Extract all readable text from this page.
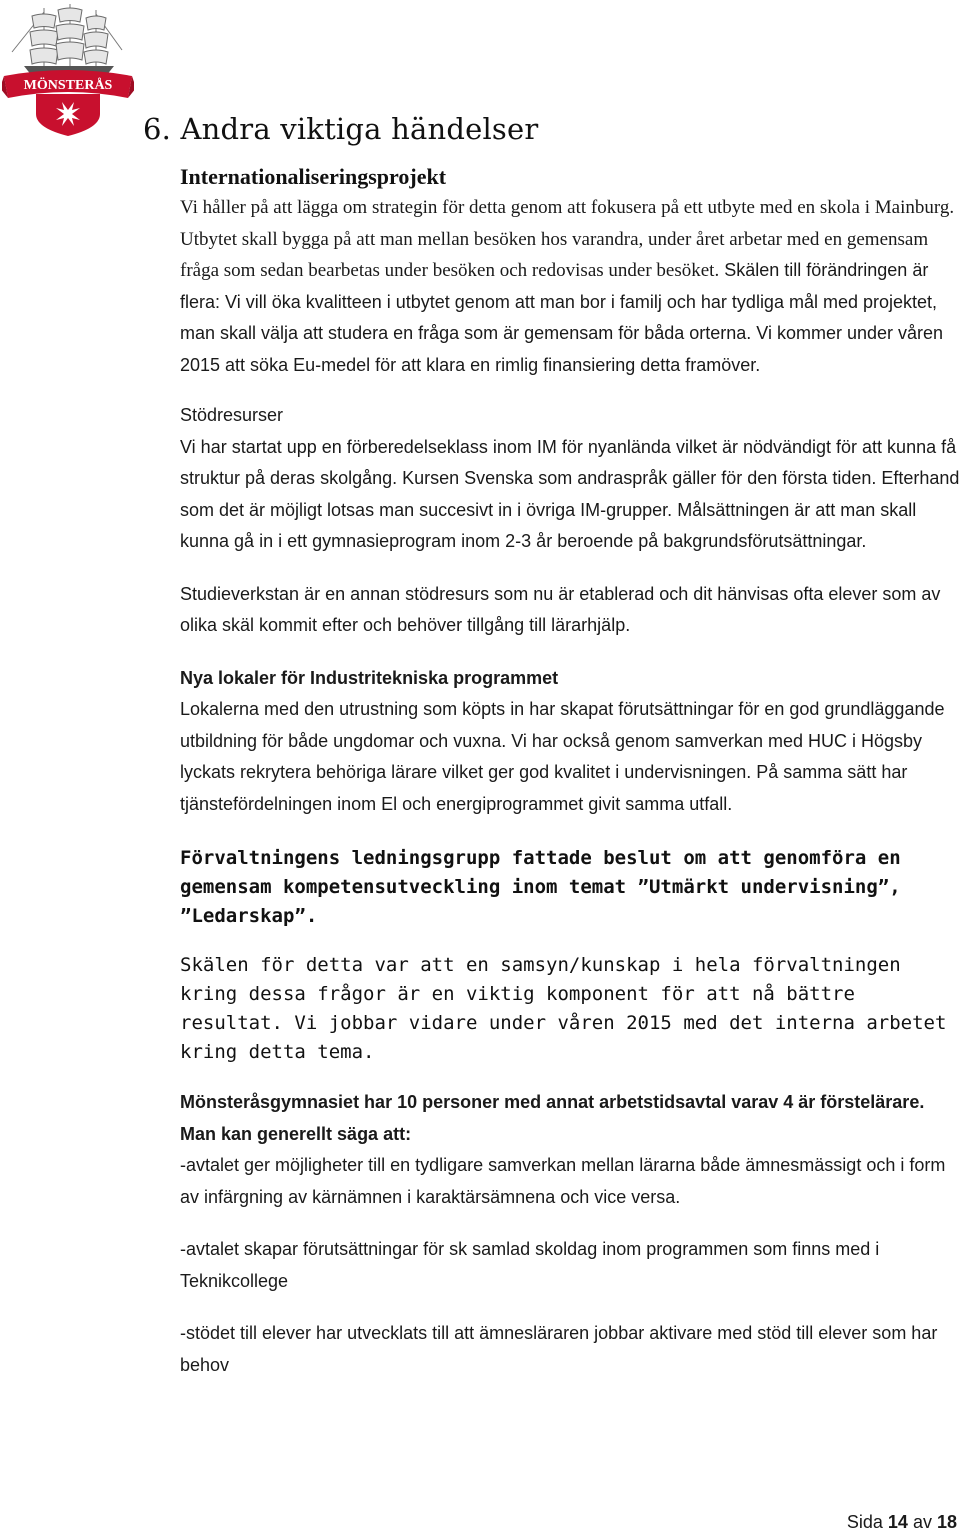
MÖNSTERÅS
6. Andra viktiga händelser
Internationaliseringsprojekt

Vi håller på att lägga om strategin för detta genom att fokusera på ett utbyte med en skola i Mainburg. Utbytet skall bygga på att man mellan besöken hos varandra, under året arbetar med en gemensam fråga som sedan bearbetas under besöken och redovisas under besöket. Skälen till förändringen är flera: Vi vill öka kvalitteen i utbytet genom att man bor i familj och har tydliga mål med projektet, man skall välja att studera en fråga som är gemensam för båda orterna. Vi kommer under våren 2015 att söka Eu-medel för att klara en rimlig finansiering detta framöver.

Stödresurser

Vi har startat upp en förberedelseklass inom IM för nyanlända vilket är nödvändigt för att kunna få struktur på deras skolgång. Kursen Svenska som andraspråk gäller för den första tiden. Efterhand som det är möjligt lotsas man succesivt in i övriga IM-grupper. Målsättningen är att man skall kunna gå in i ett gymnasieprogram inom 2-3 år beroende på bakgrundsförutsättningar.

Studieverkstan är en annan stödresurs som nu är etablerad och dit hänvisas ofta elever som av olika skäl kommit efter och behöver tillgång till lärarhjälp.

Nya lokaler för Industritekniska programmet

Lokalerna med den utrustning som köpts in har skapat förutsättningar för en god grundläggande utbildning för både ungdomar och vuxna. Vi har också genom samverkan med HUC i Högsby lyckats rekrytera behöriga lärare vilket ger god kvalitet i undervisningen. På samma sätt har tjänstefördelningen inom El och energiprogrammet givit samma utfall.

Förvaltningens ledningsgrupp fattade beslut om att genomföra en gemensam kompetensutveckling inom temat ”Utmärkt undervisning”, ”Ledarskap”.

Skälen för detta var att en samsyn/kunskap i hela förvaltningen kring dessa frågor är en viktig komponent för att nå bättre resultat. Vi jobbar vidare under våren 2015 med det interna arbetet kring detta tema.

Mönsteråsgymnasiet har 10 personer med annat arbetstidsavtal varav 4 är förstelärare. Man kan generellt säga att:

-avtalet ger möjligheter till en tydligare samverkan mellan lärarna både ämnesmässigt och i form av infärgning av kärnämnen i karaktärsämnena och vice versa.

-avtalet skapar förutsättningar för sk samlad skoldag inom programmen som finns med i Teknikcollege

-stödet till elever har utvecklats till att ämnesläraren jobbar aktivare med stöd till elever som har behov

Sida 14 av 18
